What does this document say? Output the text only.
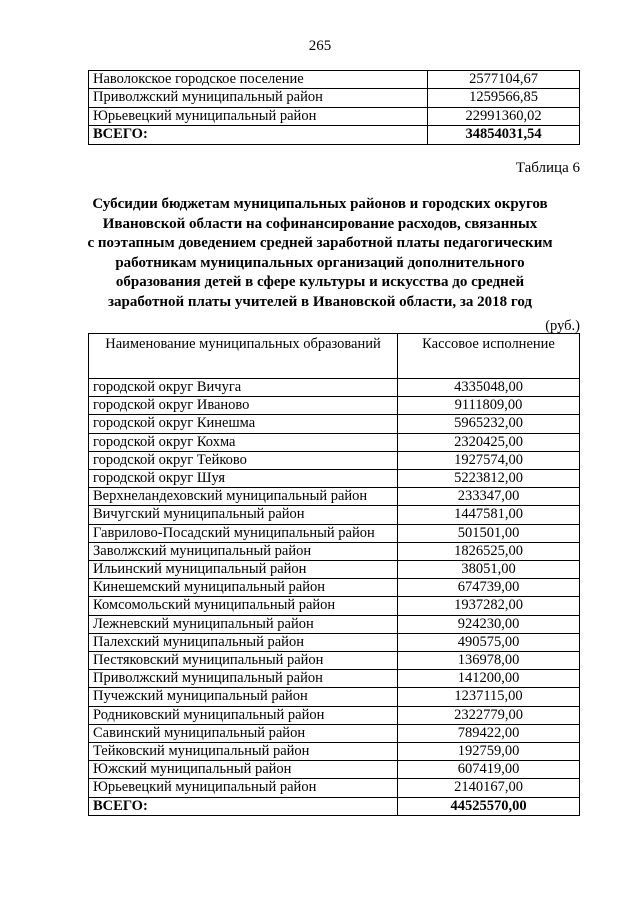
265
Наволокское городское поселение	2577104,67
Приволжский муниципальный район	1259566,85
Юрьевецкий муниципальный район	22991360,02
ВСЕГО:	34854031,54
Таблица 6
Субсидии бюджетам муниципальных районов и городских округов
Ивановской области на софинансирование расходов, связанных
с поэтапным доведением средней заработной платы педагогическим
работникам муниципальных организаций дополнительного
образования детей в сфере культуры и искусства до средней
заработной платы учителей в Ивановской области, за 2018 год
(руб.)
Наименование муниципальных образований	Кассовое исполнение
городской округ Вичуга	4335048,00
городской округ Иваново	9111809,00
городской округ Кинешма	5965232,00
городской округ Кохма	2320425,00
городской округ Тейково	1927574,00
городской округ Шуя	5223812,00
Верхнеландеховский муниципальный район	233347,00
Вичугский муниципальный район	1447581,00
Гаврилово-Посадский муниципальный район	501501,00
Заволжский муниципальный район	1826525,00
Ильинский муниципальный район	38051,00
Кинешемский муниципальный район	674739,00
Комсомольский муниципальный район	1937282,00
Лежневский муниципальный район	924230,00
Палехский муниципальный район	490575,00
Пестяковский муниципальный район	136978,00
Приволжский муниципальный район	141200,00
Пучежский муниципальный район	1237115,00
Родниковский муниципальный район	2322779,00
Савинский муниципальный район	789422,00
Тейковский муниципальный район	192759,00
Южский муниципальный район	607419,00
Юрьевецкий муниципальный район	2140167,00
ВСЕГО:	44525570,00
